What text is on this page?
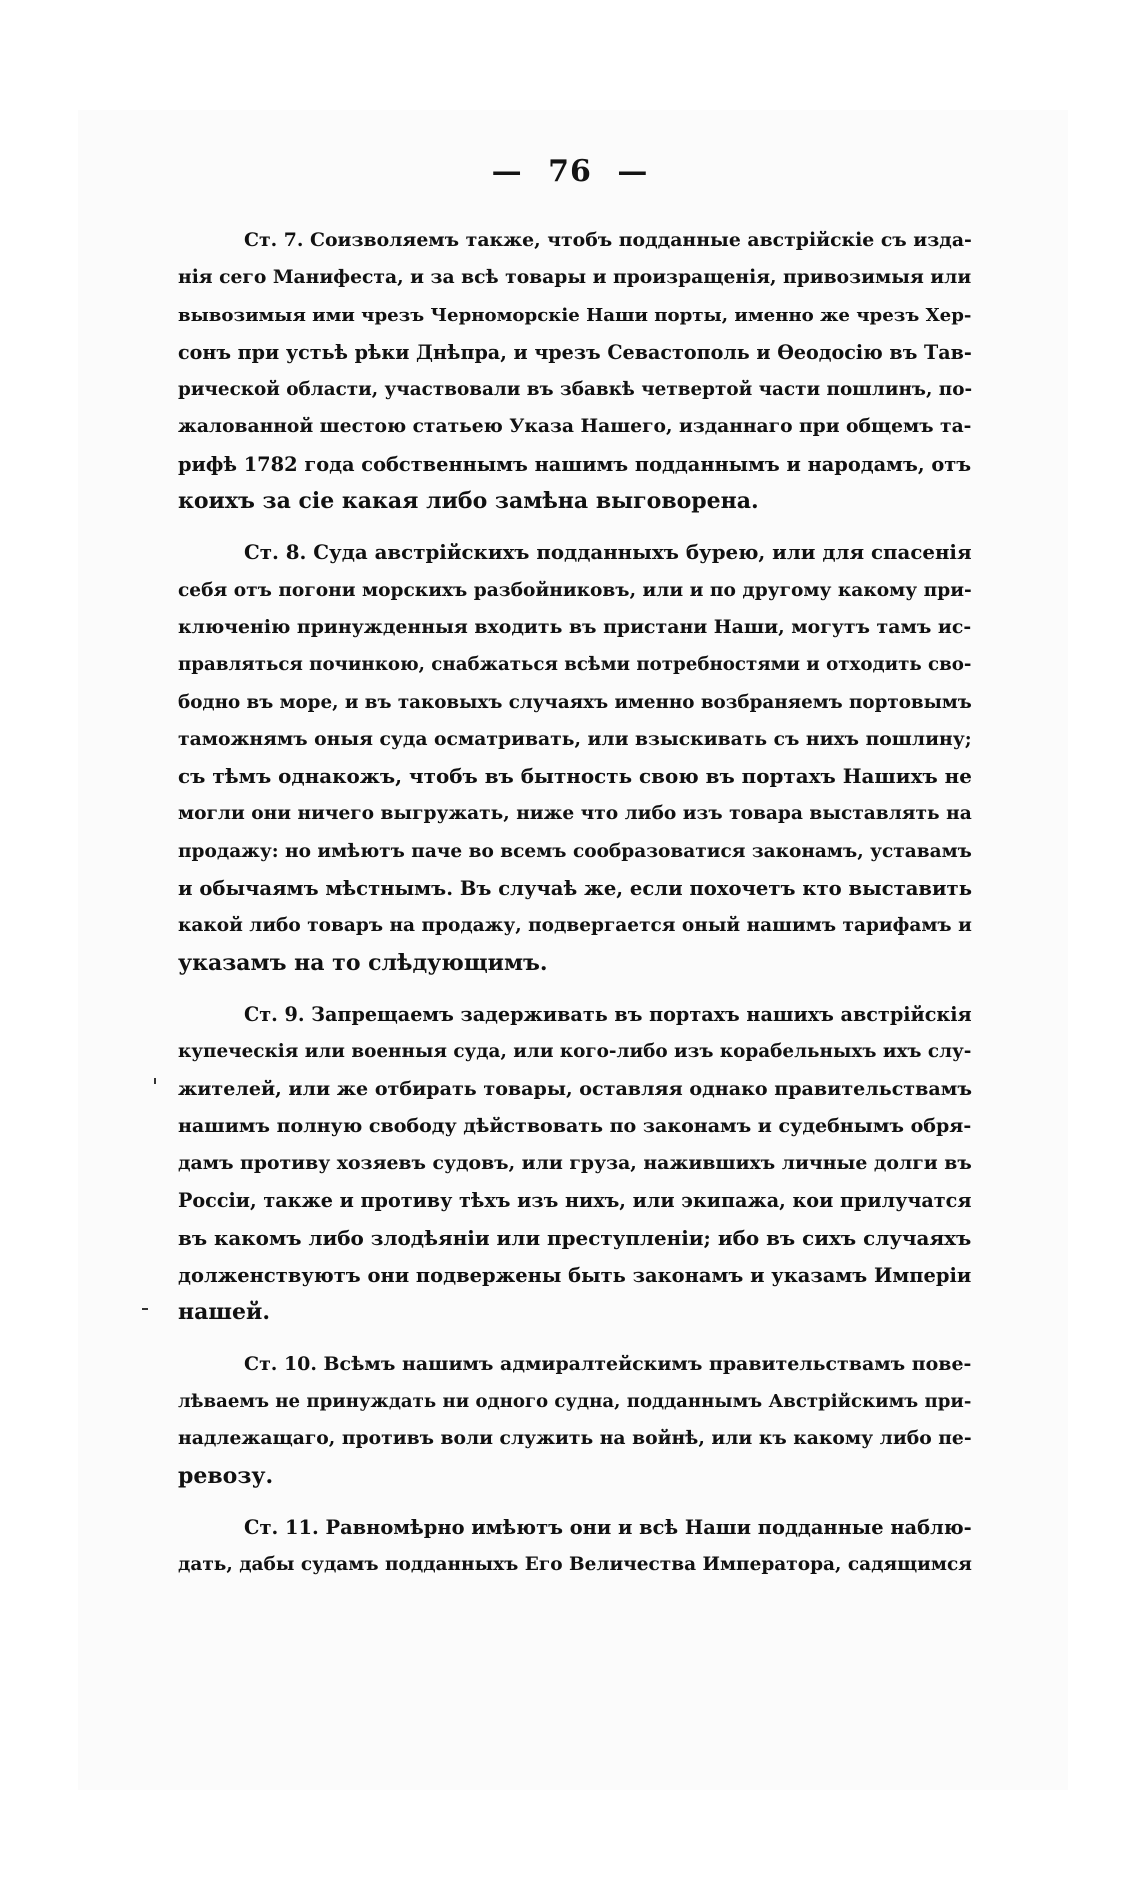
— 76 —
Ст. 7. Соизволяемъ также, чтобъ подданные австрійскіе съ изда-
нія сего Манифеста, и за всѣ товары и произращенія, привозимыя или
вывозимыя ими чрезъ Черноморскіе Наши порты, именно же чрезъ Хер-
сонъ при устьѣ рѣки Днѣпра, и чрезъ Севастополь и Ѳеодосію въ Тав-
рической области, участвовали въ збавкѣ четвертой части пошлинъ, по-
жалованной шестою статьею Указа Нашего, изданнаго при общемъ та-
рифѣ 1782 года собственнымъ нашимъ подданнымъ и народамъ, отъ
коихъ за сіе какая либо замѣна выговорена.
Ст. 8. Суда австрійскихъ подданныхъ бурею, или для спасенія
себя отъ погони морскихъ разбойниковъ, или и по другому какому при-
ключенію принужденныя входить въ пристани Наши, могутъ тамъ ис-
правляться починкою, снабжаться всѣми потребностями и отходить сво-
бодно въ море, и въ таковыхъ случаяхъ именно возбраняемъ портовымъ
таможнямъ оныя суда осматривать, или взыскивать съ нихъ пошлину;
съ тѣмъ однакожъ, чтобъ въ бытность свою въ портахъ Нашихъ не
могли они ничего выгружать, ниже что либо изъ товара выставлять на
продажу: но имѣютъ паче во всемъ сообразоватися законамъ, уставамъ
и обычаямъ мѣстнымъ. Въ случаѣ же, если похочетъ кто выставить
какой либо товаръ на продажу, подвергается оный нашимъ тарифамъ и
указамъ на то слѣдующимъ.
Ст. 9. Запрещаемъ задерживать въ портахъ нашихъ австрійскія
купеческія или военныя суда, или кого-либо изъ корабельныхъ ихъ слу-
жителей, или же отбирать товары, оставляя однако правительствамъ
нашимъ полную свободу дѣйствовать по законамъ и судебнымъ обря-
дамъ противу хозяевъ судовъ, или груза, нажившихъ личные долги въ
Россіи, также и противу тѣхъ изъ нихъ, или экипажа, кои прилучатся
въ какомъ либо злодѣяніи или преступленіи; ибо въ сихъ случаяхъ
долженствуютъ они подвержены быть законамъ и указамъ Имперіи
нашей.
Ст. 10. Всѣмъ нашимъ адмиралтейскимъ правительствамъ пове-
лѣваемъ не принуждать ни одного судна, подданнымъ Австрійскимъ при-
надлежащаго, противъ воли служить на войнѣ, или къ какому либо пе-
ревозу.
Ст. 11. Равномѣрно имѣютъ они и всѣ Наши подданные наблю-
дать, дабы судамъ подданныхъ Его Величества Императора, садящимся
